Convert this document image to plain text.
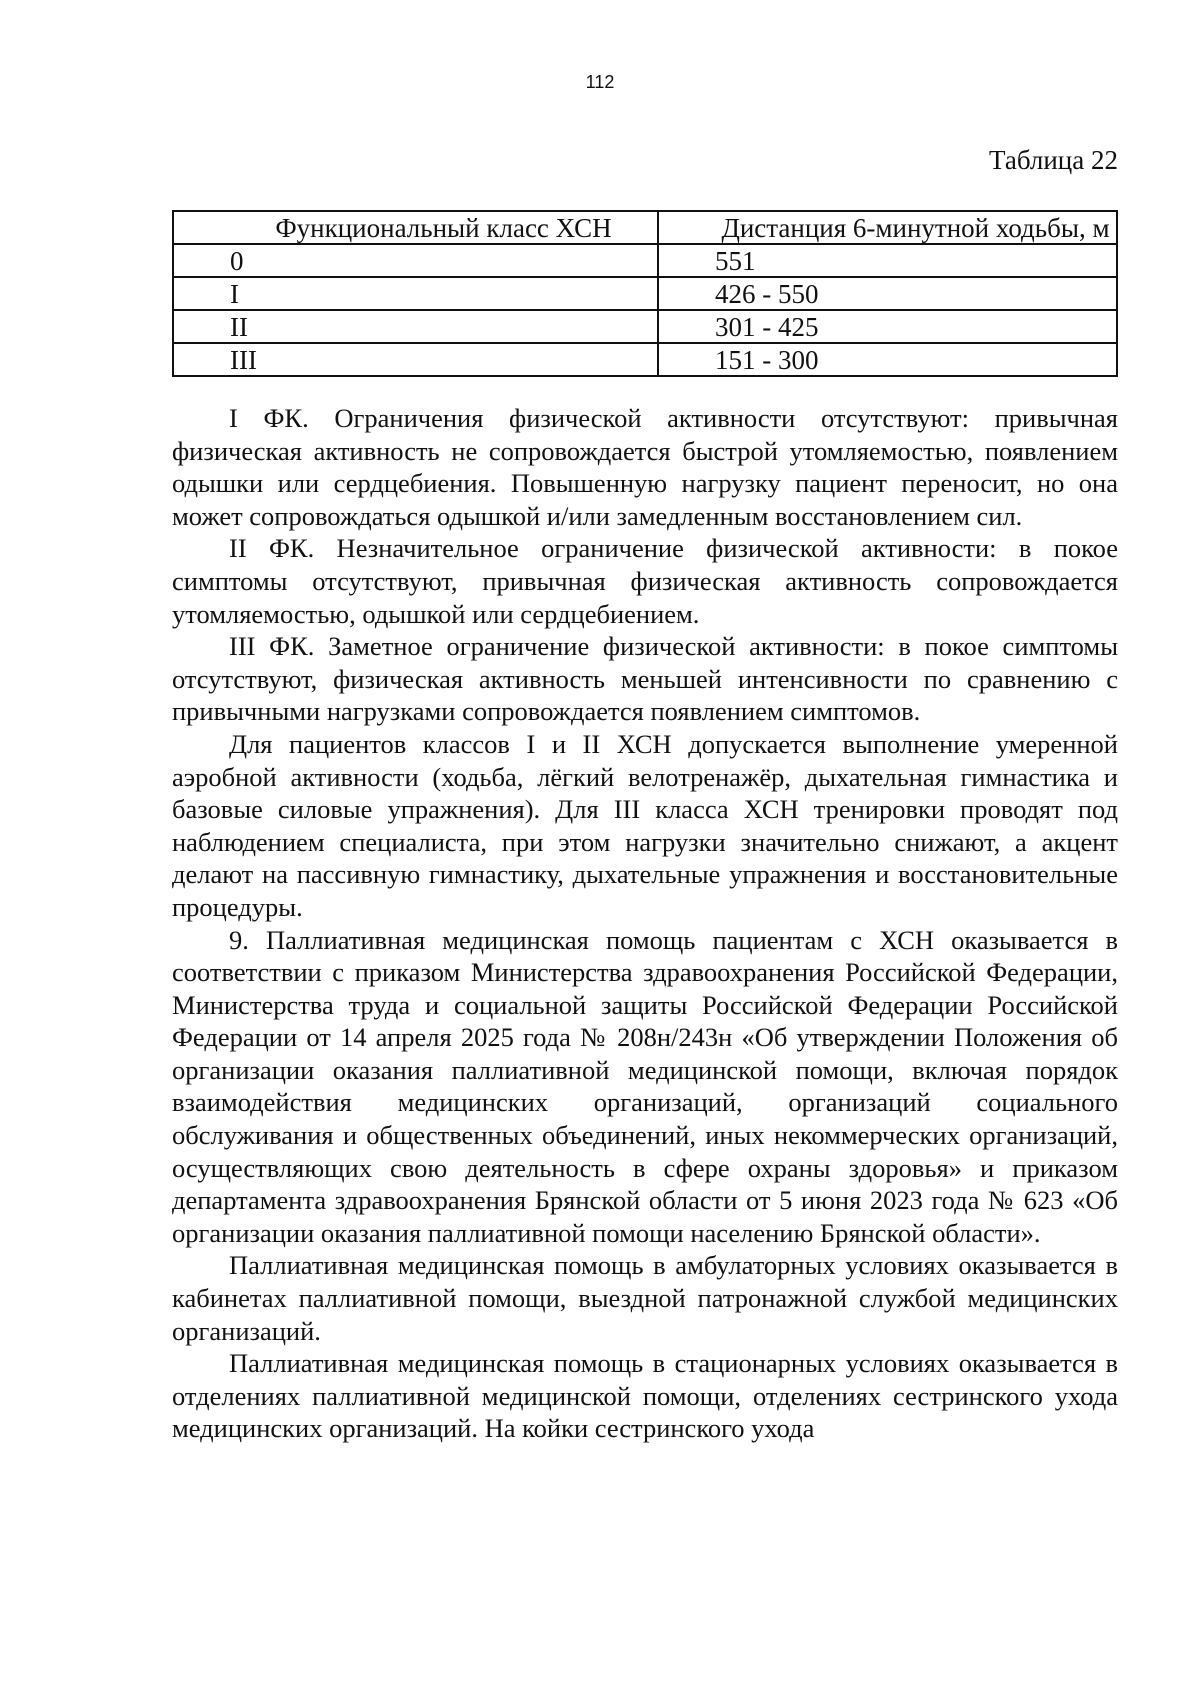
112
Таблица 22
Функциональный класс ХСН	Дистанция 6-минутной ходьбы, м
0	551
I	426 - 550
II	301 - 425
III	151 - 300

I ФК. Ограничения физической активности отсутствуют: привычная физическая активность не сопровождается быстрой утомляемостью, появлением одышки или сердцебиения. Повышенную нагрузку пациент переносит, но она может сопровождаться одышкой и/или замедленным восстановлением сил.

II ФК. Незначительное ограничение физической активности: в покое симптомы отсутствуют, привычная физическая активность сопровождается утомляемостью, одышкой или сердцебиением.

III ФК. Заметное ограничение физической активности: в покое симптомы отсутствуют, физическая активность меньшей интенсивности по сравнению с привычными нагрузками сопровождается появлением симптомов.

Для пациентов классов I и II ХСН допускается выполнение умеренной аэробной активности (ходьба, лёгкий велотренажёр, дыхательная гимнастика и базовые силовые упражнения). Для III класса ХСН тренировки проводят под наблюдением специалиста, при этом нагрузки значительно снижают, а акцент делают на пассивную гимнастику, дыхательные упражнения и восстановительные процедуры.

9. Паллиативная медицинская помощь пациентам с ХСН оказывается в соответствии с приказом Министерства здравоохранения Российской Федерации, Министерства труда и социальной защиты Российской Федерации Российской Федерации от 14 апреля 2025 года № 208н/243н «Об утверждении Положения об организации оказания паллиативной медицинской помощи, включая порядок взаимодействия медицинских организаций, организаций социального обслуживания и общественных объединений, иных некоммерческих организаций, осуществляющих свою деятельность в сфере охраны здоровья» и приказом департамента здравоохранения Брянской области от 5 июня 2023 года № 623 «Об организации оказания паллиативной помощи населению Брянской области».

Паллиативная медицинская помощь в амбулаторных условиях оказывается в кабинетах паллиативной помощи, выездной патронажной службой медицинских организаций.

Паллиативная медицинская помощь в стационарных условиях оказывается в отделениях паллиативной медицинской помощи, отделениях сестринского ухода медицинских организаций. На койки сестринского ухода
